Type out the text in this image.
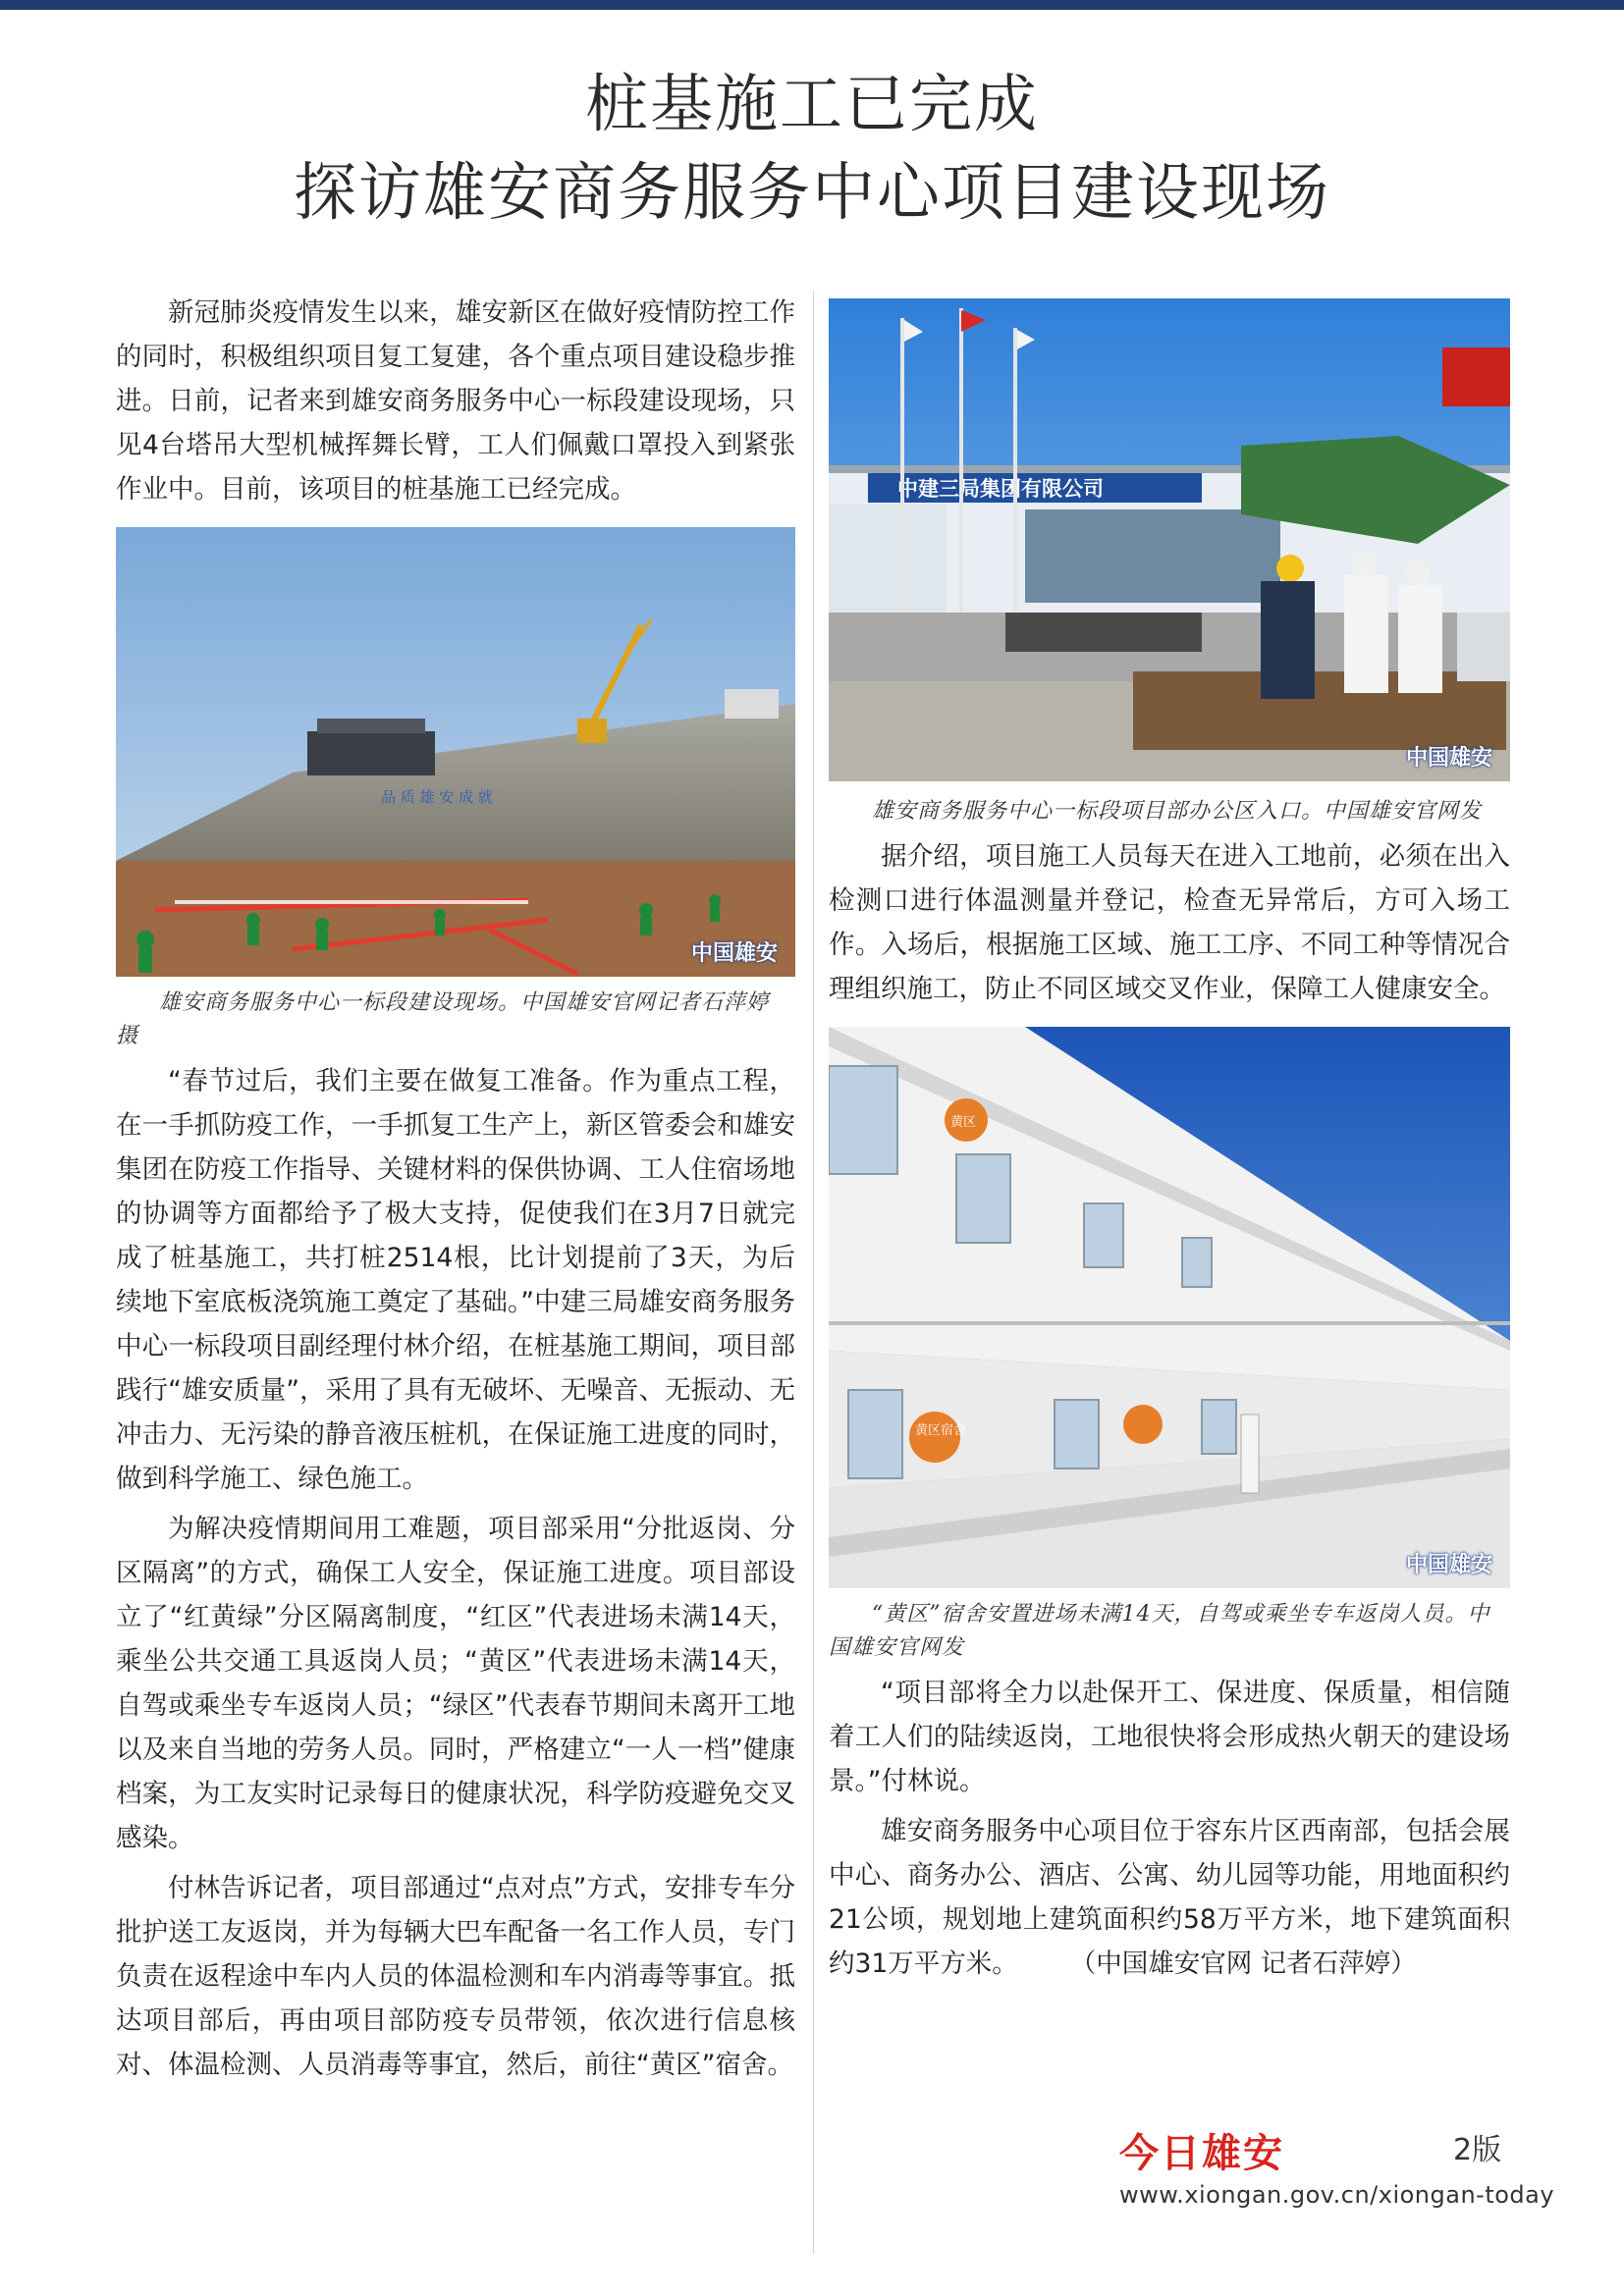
桩基施工已完成
探访雄安商务服务中心项目建设现场

新冠肺炎疫情发生以来，雄安新区在做好疫情防控工作的同时，积极组织项目复工复建，各个重点项目建设稳步推进。日前，记者来到雄安商务服务中心一标段建设现场，只见4台塔吊大型机械挥舞长臂，工人们佩戴口罩投入到紧张作业中。目前，该项目的桩基施工已经完成。

品 质 雄 安 成 就
中国雄安

雄安商务服务中心一标段建设现场。中国雄安官网记者石萍婷 摄

“春节过后，我们主要在做复工准备。作为重点工程，在一手抓防疫工作，一手抓复工生产上，新区管委会和雄安集团在防疫工作指导、关键材料的保供协调、工人住宿场地的协调等方面都给予了极大支持，促使我们在3月7日就完成了桩基施工，共打桩2514根，比计划提前了3天，为后续地下室底板浇筑施工奠定了基础。”中建三局雄安商务服务中心一标段项目副经理付林介绍，在桩基施工期间，项目部践行“雄安质量”，采用了具有无破坏、无噪音、无振动、无冲击力、无污染的静音液压桩机，在保证施工进度的同时，做到科学施工、绿色施工。

为解决疫情期间用工难题，项目部采用“分批返岗、分区隔离”的方式，确保工人安全，保证施工进度。项目部设立了“红黄绿”分区隔离制度，“红区”代表进场未满14天，乘坐公共交通工具返岗人员；“黄区”代表进场未满14天，自驾或乘坐专车返岗人员；“绿区”代表春节期间未离开工地以及来自当地的劳务人员。同时，严格建立“一人一档”健康档案，为工友实时记录每日的健康状况，科学防疫避免交叉感染。

付林告诉记者，项目部通过“点对点”方式，安排专车分批护送工友返岗，并为每辆大巴车配备一名工作人员，专门负责在返程途中车内人员的体温检测和车内消毒等事宜。抵达项目部后，再由项目部防疫专员带领，依次进行信息核对、体温检测、人员消毒等事宜，然后，前往“黄区”宿舍。

中建三局集团有限公司
中国雄安

雄安商务服务中心一标段项目部办公区入口。中国雄安官网发

据介绍，项目施工人员每天在进入工地前，必须在出入检测口进行体温测量并登记，检查无异常后，方可入场工作。入场后，根据施工区域、施工工序、不同工种等情况合理组织施工，防止不同区域交叉作业，保障工人健康安全。

黄区
黄区宿舍
中国雄安

“黄区”宿舍安置进场未满14天，自驾或乘坐专车返岗人员。中国雄安官网发

“项目部将全力以赴保开工、保进度、保质量，相信随着工人们的陆续返岗，工地很快将会形成热火朝天的建设场景。”付林说。

雄安商务服务中心项目位于容东片区西南部，包括会展中心、商务办公、酒店、公寓、幼儿园等功能，用地面积约21公顷，规划地上建筑面积约58万平方米，地下建筑面积约31万平方米。　　　（中国雄安官网 记者石萍婷）

今日雄安	2版
www.xiongan.gov.cn/xiongan-today
